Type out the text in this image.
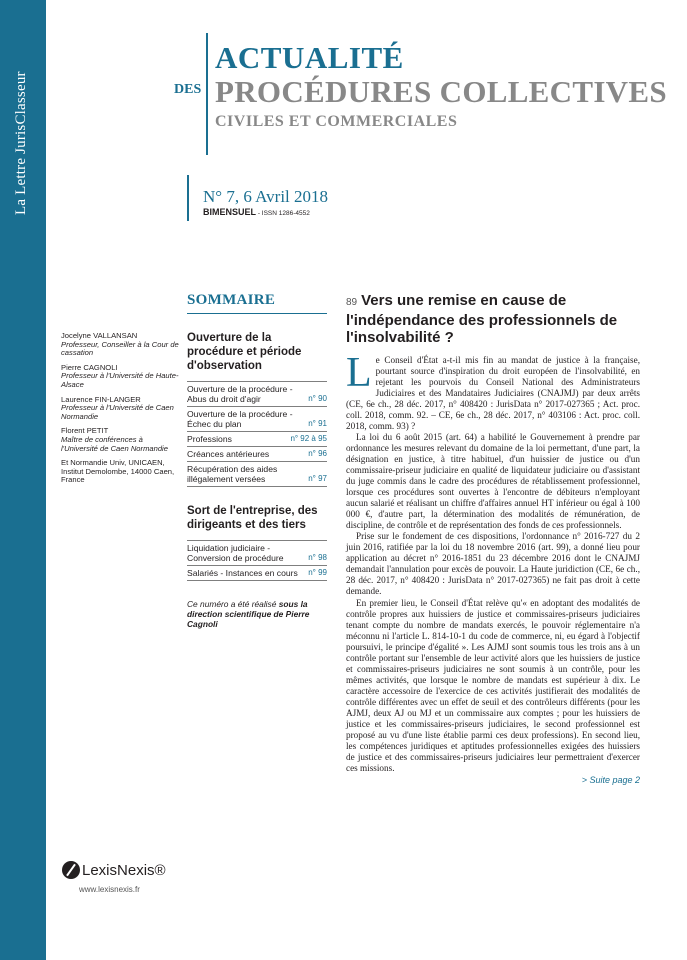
La Lettre JurisClasseur
ACTUALITÉ
DES PROCÉDURES COLLECTIVES
CIVILES ET COMMERCIALES
N° 7, 6 Avril 2018
BIMENSUEL - ISSN 1286-4552
Jocelyne VALLANSAN
Professeur, Conseiller à la Cour de cassation
Pierre CAGNOLI
Professeur à l'Université de Haute-Alsace
Laurence FIN-LANGER
Professeur à l'Université de Caen Normandie
Florent PETIT
Maître de conférences à l'Université de Caen Normandie
Et Normandie Univ, UNICAEN, Institut Demolombe, 14000 Caen, France
SOMMAIRE
Ouverture de la procédure et période d'observation
Ouverture de la procédure - Abus du droit d'agir	n° 90
Ouverture de la procédure - Échec du plan	n° 91
Professions	n° 92 à 95
Créances antérieures	n° 96
Récupération des aides illégalement versées	n° 97
Sort de l'entreprise, des dirigeants et des tiers
Liquidation judiciaire - Conversion de procédure	n° 98
Salariés - Instances en cours	n° 99
Ce numéro a été réalisé sous la direction scientifique de Pierre Cagnoli
89 Vers une remise en cause de l'indépendance des professionnels de l'insolvabilité ?

Le Conseil d'État a-t-il mis fin au mandat de justice à la française, pourtant source d'inspiration du droit européen de l'insolvabilité, en rejetant les pourvois du Conseil National des Administrateurs Judiciaires et des Mandataires Judiciaires (CNAJMJ) par deux arrêts (CE, 6e ch., 28 déc. 2017, n° 408420 : JurisData n° 2017-027365 ; Act. proc. coll. 2018, comm. 92. – CE, 6e ch., 28 déc. 2017, n° 403106 : Act. proc. coll. 2018, comm. 93) ?

La loi du 6 août 2015 (art. 64) a habilité le Gouvernement à prendre par ordonnance les mesures relevant du domaine de la loi permettant, d'une part, la désignation en justice, à titre habituel, d'un huissier de justice ou d'un commissaire-priseur judiciaire en qualité de liquidateur judiciaire ou d'assistant du juge commis dans le cadre des procédures de rétablissement professionnel, lorsque ces procédures sont ouvertes à l'encontre de débiteurs n'employant aucun salarié et réalisant un chiffre d'affaires annuel HT inférieur ou égal à 100 000 €, d'autre part, la détermination des modalités de rémunération, de discipline, de contrôle et de représentation des fonds de ces professionnels.

Prise sur le fondement de ces dispositions, l'ordonnance n° 2016-727 du 2 juin 2016, ratifiée par la loi du 18 novembre 2016 (art. 99), a donné lieu pour application au décret n° 2016-1851 du 23 décembre 2016 dont le CNAJMJ demandait l'annulation pour excès de pouvoir. La Haute juridiction (CE, 6e ch., 28 déc. 2017, n° 408420 : JurisData n° 2017-027365) ne fait pas droit à cette demande.

En premier lieu, le Conseil d'État relève qu'« en adoptant des modalités de contrôle propres aux huissiers de justice et commissaires-priseurs judiciaires tenant compte du nombre de mandats exercés, le pouvoir réglementaire n'a méconnu ni l'article L. 814-10-1 du code de commerce, ni, eu égard à l'objectif poursuivi, le principe d'égalité ». Les AJMJ sont soumis tous les trois ans à un contrôle portant sur l'ensemble de leur activité alors que les huissiers de justice et commissaires-priseurs judiciaires ne sont soumis à un contrôle, pour les mêmes activités, que lorsque le nombre de mandats est supérieur à dix. Le caractère accessoire de l'exercice de ces activités justifierait des modalités de contrôle différentes avec un effet de seuil et des contrôleurs différents (pour les AJMJ, deux AJ ou MJ et un commissaire aux comptes ; pour les huissiers de justice et les commissaires-priseurs judiciaires, le second professionnel est proposé au vu d'une liste établie parmi ces deux professions). En second lieu, les compétences juridiques et aptitudes professionnelles exigées des huissiers de justice et des commissaires-priseurs judiciaires leur permettraient d'exercer ces missions.

> Suite page 2
LexisNexis®
www.lexisnexis.fr
